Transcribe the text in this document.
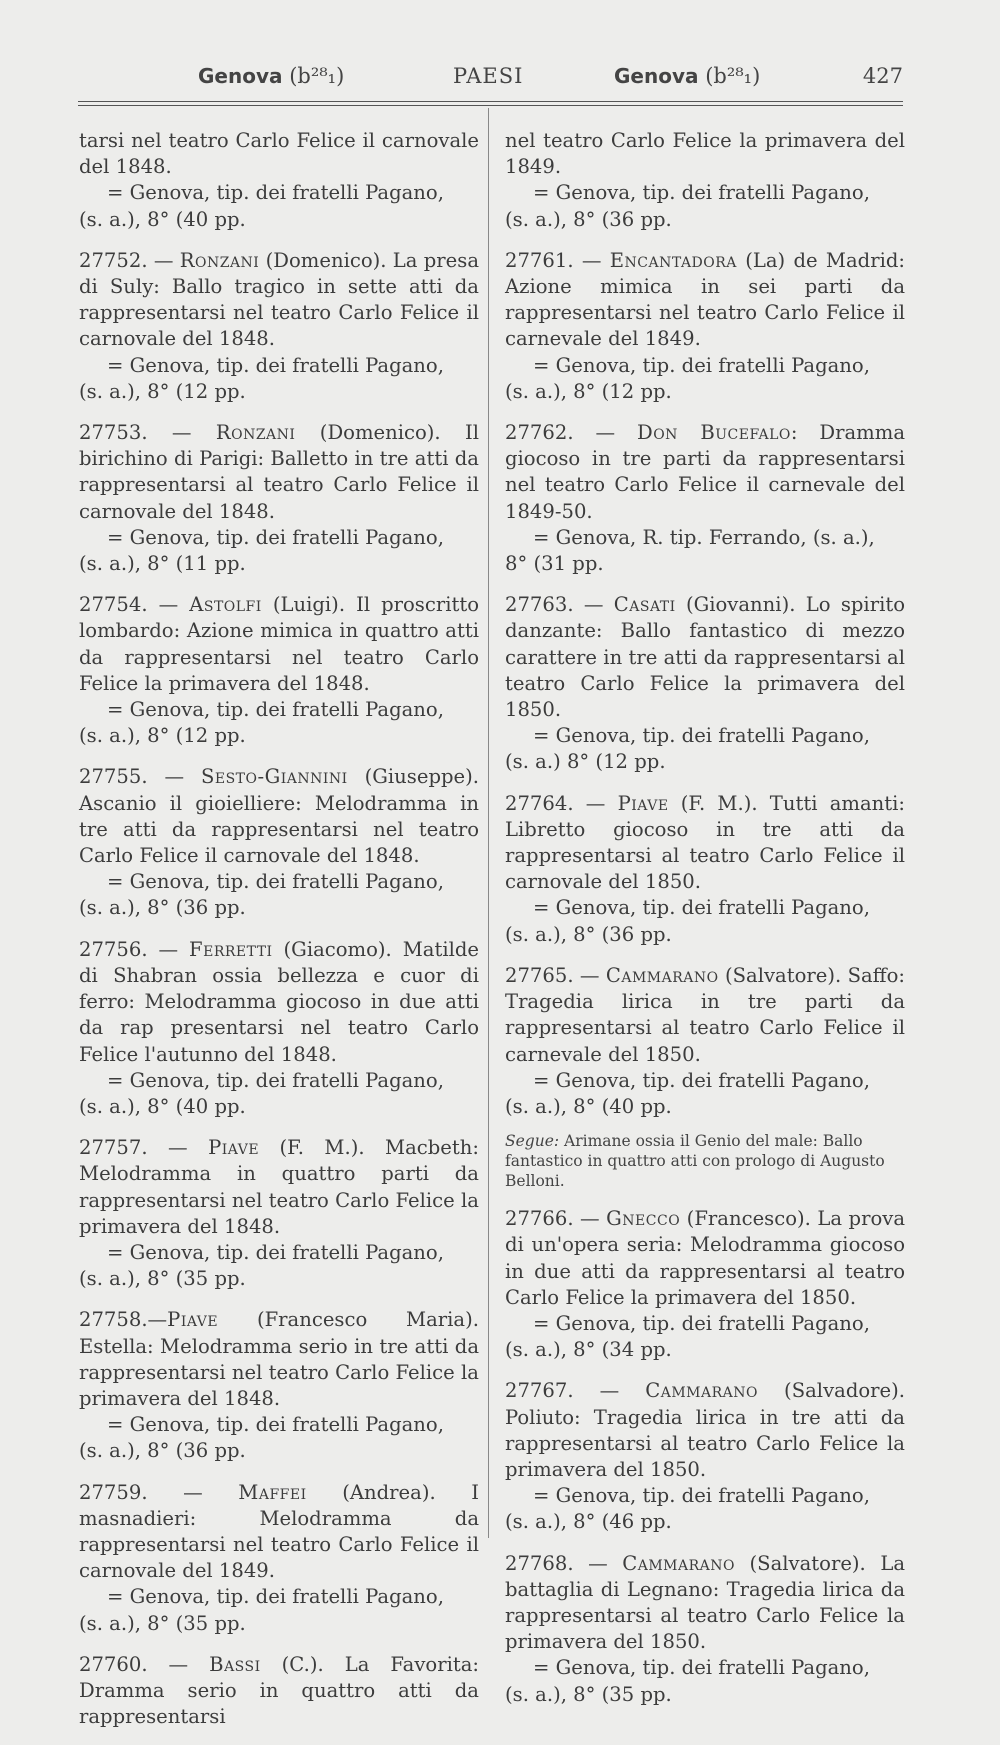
Genova (b²⁸₁)	PAESI	Genova (b²⁸₁)	427

tarsi nel teatro Carlo Felice il carnovale del 1848.

= Genova, tip. dei fratelli Pagano,

(s. a.), 8° (40 pp.

27752. — Ronzani (Domenico). La presa di Suly: Ballo tragico in sette atti da rappresentarsi nel teatro Carlo Felice il carnovale del 1848.

= Genova, tip. dei fratelli Pagano,

(s. a.), 8° (12 pp.

27753. — Ronzani (Domenico). Il birichino di Parigi: Balletto in tre atti da rappresentarsi al teatro Carlo Felice il carnovale del 1848.

= Genova, tip. dei fratelli Pagano,

(s. a.), 8° (11 pp.

27754. — Astolfi (Luigi). Il proscritto lombardo: Azione mimica in quattro atti da rappresentarsi nel teatro Carlo Felice la primavera del 1848.

= Genova, tip. dei fratelli Pagano,

(s. a.), 8° (12 pp.

27755. — Sesto-Giannini (Giuseppe). Ascanio il gioielliere: Melodramma in tre atti da rappresentarsi nel teatro Carlo Felice il carnovale del 1848.

= Genova, tip. dei fratelli Pagano,

(s. a.), 8° (36 pp.

27756. — Ferretti (Giacomo). Matilde di Shabran ossia bellezza e cuor di ferro: Melodramma giocoso in due atti da rap presentarsi nel teatro Carlo Felice l'autunno del 1848.

= Genova, tip. dei fratelli Pagano,

(s. a.), 8° (40 pp.

27757. — Piave (F. M.). Macbeth: Melodramma in quattro parti da rappresentarsi nel teatro Carlo Felice la primavera del 1848.

= Genova, tip. dei fratelli Pagano,

(s. a.), 8° (35 pp.

27758.—Piave (Francesco Maria). Estella: Melodramma serio in tre atti da rappresentarsi nel teatro Carlo Felice la primavera del 1848.

= Genova, tip. dei fratelli Pagano,

(s. a.), 8° (36 pp.

27759. — Maffei (Andrea). I masnadieri: Melodramma da rappresentarsi nel teatro Carlo Felice il carnovale del 1849.

= Genova, tip. dei fratelli Pagano,

(s. a.), 8° (35 pp.

27760. — Bassi (C.). La Favorita: Dramma serio in quattro atti da rappresentarsi

nel teatro Carlo Felice la primavera del 1849.

= Genova, tip. dei fratelli Pagano,

(s. a.), 8° (36 pp.

27761. — Encantadora (La) de Madrid: Azione mimica in sei parti da rappresentarsi nel teatro Carlo Felice il carnevale del 1849.

= Genova, tip. dei fratelli Pagano,

(s. a.), 8° (12 pp.

27762. — Don Bucefalo: Dramma giocoso in tre parti da rappresentarsi nel teatro Carlo Felice il carnevale del 1849-50.

= Genova, R. tip. Ferrando, (s. a.),

8° (31 pp.

27763. — Casati (Giovanni). Lo spirito danzante: Ballo fantastico di mezzo carattere in tre atti da rappresentarsi al teatro Carlo Felice la primavera del 1850.

= Genova, tip. dei fratelli Pagano,

(s. a.) 8° (12 pp.

27764. — Piave (F. M.). Tutti amanti: Libretto giocoso in tre atti da rappresentarsi al teatro Carlo Felice il carnovale del 1850.

= Genova, tip. dei fratelli Pagano,

(s. a.), 8° (36 pp.

27765. — Cammarano (Salvatore). Saffo: Tragedia lirica in tre parti da rappresentarsi al teatro Carlo Felice il carnevale del 1850.

= Genova, tip. dei fratelli Pagano,

(s. a.), 8° (40 pp.

Segue: Arimane ossia il Genio del male: Ballo fantastico in quattro atti con prologo di Augusto Belloni.

27766. — Gnecco (Francesco). La prova di un'opera seria: Melodramma giocoso in due atti da rappresentarsi al teatro Carlo Felice la primavera del 1850.

= Genova, tip. dei fratelli Pagano,

(s. a.), 8° (34 pp.

27767. — Cammarano (Salvadore). Poliuto: Tragedia lirica in tre atti da rappresentarsi al teatro Carlo Felice la primavera del 1850.

= Genova, tip. dei fratelli Pagano,

(s. a.), 8° (46 pp.

27768. — Cammarano (Salvatore). La battaglia di Legnano: Tragedia lirica da rappresentarsi al teatro Carlo Felice la primavera del 1850.

= Genova, tip. dei fratelli Pagano,

(s. a.), 8° (35 pp.
